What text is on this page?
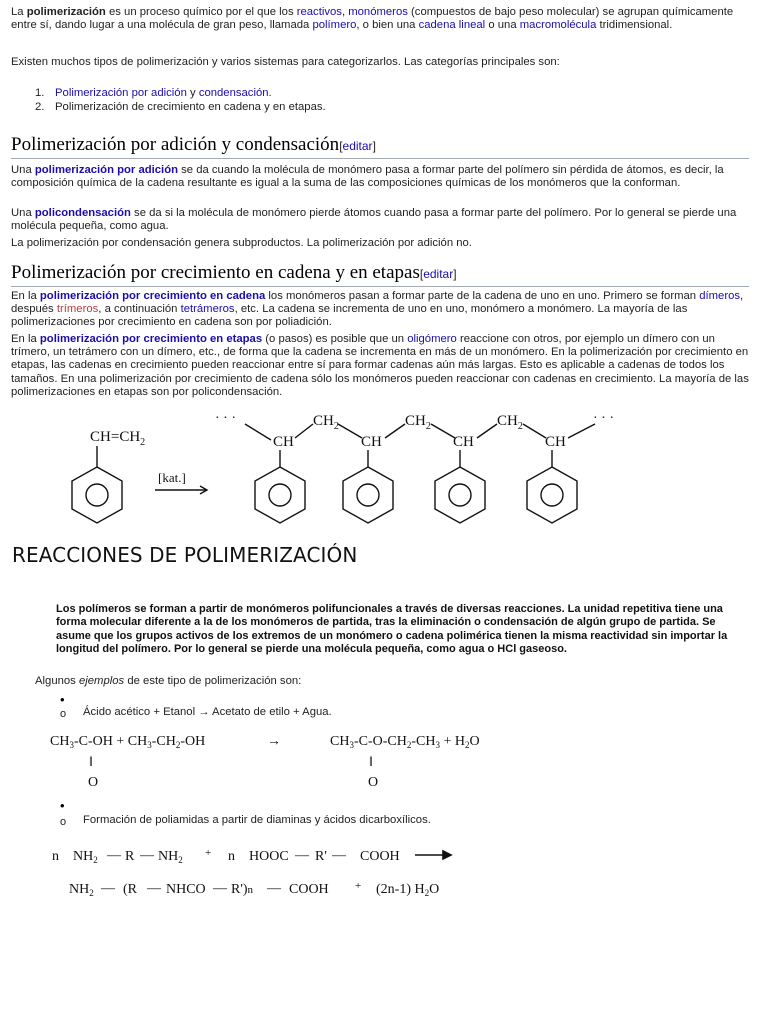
La polimerización es un proceso químico por el que los reactivos, monómeros (compuestos de bajo peso molecular) se agrupan químicamente entre sí, dando lugar a una molécula de gran peso, llamada polímero, o bien una cadena lineal o una macromolécula tridimensional.

Existen muchos tipos de polimerización y varios sistemas para categorizarlos. Las categorías principales son:

1. Polimerización por adición y condensación.
2. Polimerización de crecimiento en cadena y en etapas.
Polimerización por adición y condensación[editar]

Una polimerización por adición se da cuando la molécula de monómero pasa a formar parte del polímero sin pérdida de átomos, es decir, la composición química de la cadena resultante es igual a la suma de las composiciones químicas de los monómeros que la conforman.

Una policondensación se da si la molécula de monómero pierde átomos cuando pasa a formar parte del polímero. Por lo general se pierde una molécula pequeña, como agua.

La polimerización por condensación genera subproductos. La polimerización por adición no.

Polimerización por crecimiento en cadena y en etapas[editar]

En la polimerización por crecimiento en cadena los monómeros pasan a formar parte de la cadena de uno en uno. Primero se forman dímeros, después trímeros, a continuación tetrámeros, etc. La cadena se incrementa de uno en uno, monómero a monómero. La mayoría de las polimerizaciones por crecimiento en cadena son por poliadición.

En la polimerización por crecimiento en etapas (o pasos) es posible que un oligómero reaccione con otros, por ejemplo un dímero con un trímero, un tetrámero con un dímero, etc., de forma que la cadena se incrementa en más de un monómero. En la polimerización por crecimiento en etapas, las cadenas en crecimiento pueden reaccionar entre sí para formar cadenas aún más largas. Esto es aplicable a cadenas de todos los tamaños. En una polimerización por crecimiento de cadena sólo los monómeros pueden reaccionar con cadenas en crecimiento. La mayoría de las polimerizaciones en etapas son por policondensación.

$CH=CH_2$
[kat.]
· · ·	· · ·
CH	CH	CH	CH
$CH_2$	$CH_2$	$CH_2$
REACCIONES DE POLIMERIZACIÓN

Los polímeros se forman a partir de monómeros polifuncionales a través de diversas reacciones. La unidad repetitiva tiene una forma molecular diferente a la de los monómeros de partida, tras la eliminación o condensación de algún grupo de partida. Se asume que los grupos activos de los extremos de un monómero o cadena polimérica tienen la misma reactividad sin importar la longitud del polímero. Por lo general se pierde una molécula pequeña, como agua o HCl gaseoso.

Algunos ejemplos de este tipo de polimerización son:

•
o Ácido acético + Etanol → Acetato de etilo + Agua.
$CH_3-C-OH + CH_3-CH_2-OH$	→	$CH_3-C-O-CH_2-CH_3 + H_2O$
‖
O
‖
O
•
o Formación de poliamidas a partir de diaminas y ácidos dicarboxílicos.
n $NH_2$ — R — $NH_2$
+ n HOOC — R' — COOH
$NH_2$ — (R — NHCO — R')n — COOH + (2n-1) $H_2O$
